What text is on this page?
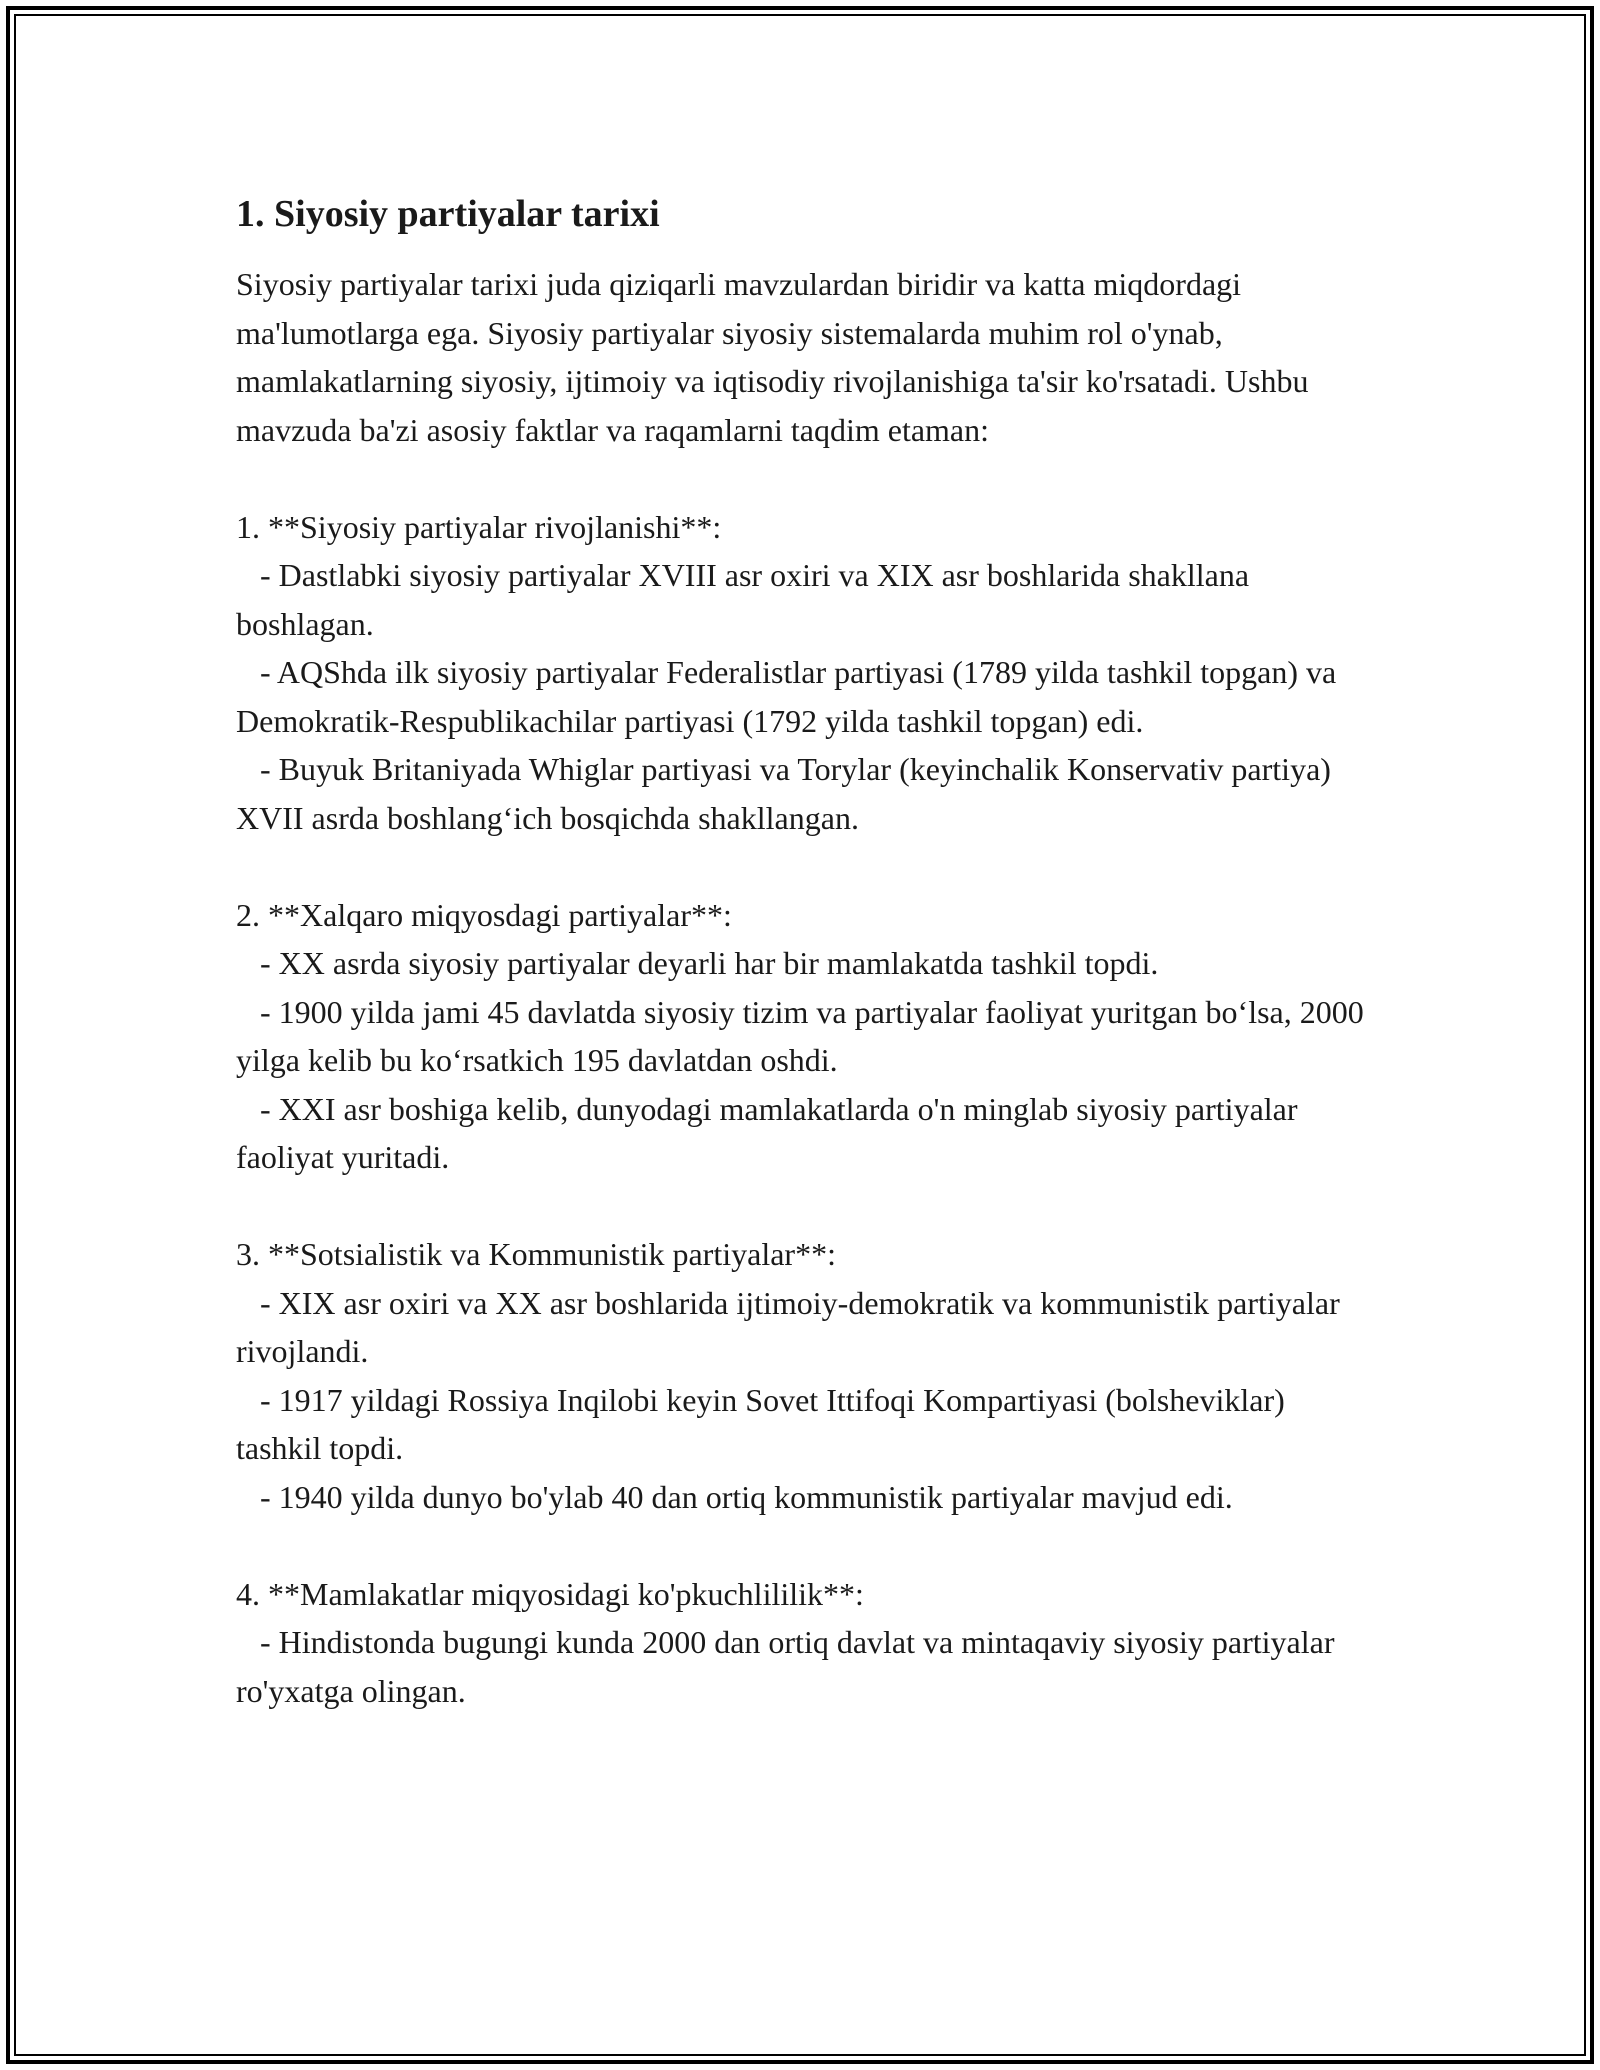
1. Siyosiy partiyalar tarixi

Siyosiy partiyalar tarixi juda qiziqarli mavzulardan biridir va katta miqdordagi ma'lumotlarga ega. Siyosiy partiyalar siyosiy sistemalarda muhim rol o'ynab, mamlakatlarning siyosiy, ijtimoiy va iqtisodiy rivojlanishiga ta'sir ko'rsatadi. Ushbu mavzuda ba'zi asosiy faktlar va raqamlarni taqdim etaman:

1. **Siyosiy partiyalar rivojlanishi**:
- Dastlabki siyosiy partiyalar XVIII asr oxiri va XIX asr boshlarida shakllana boshlagan.
- AQShda ilk siyosiy partiyalar Federalistlar partiyasi (1789 yilda tashkil topgan) va Demokratik-Respublikachilar partiyasi (1792 yilda tashkil topgan) edi.
- Buyuk Britaniyada Whiglar partiyasi va Torylar (keyinchalik Konservativ partiya) XVII asrda boshlang‘ich bosqichda shakllangan.
2. **Xalqaro miqyosdagi partiyalar**:
- XX asrda siyosiy partiyalar deyarli har bir mamlakatda tashkil topdi.
- 1900 yilda jami 45 davlatda siyosiy tizim va partiyalar faoliyat yuritgan bo‘lsa, 2000 yilga kelib bu ko‘rsatkich 195 davlatdan oshdi.
- XXI asr boshiga kelib, dunyodagi mamlakatlarda o'n minglab siyosiy partiyalar faoliyat yuritadi.
3. **Sotsialistik va Kommunistik partiyalar**:
- XIX asr oxiri va XX asr boshlarida ijtimoiy-demokratik va kommunistik partiyalar rivojlandi.
- 1917 yildagi Rossiya Inqilobi keyin Sovet Ittifoqi Kompartiyasi (bolsheviklar) tashkil topdi.
- 1940 yilda dunyo bo'ylab 40 dan ortiq kommunistik partiyalar mavjud edi.
4. **Mamlakatlar miqyosidagi ko'pkuchlililik**:
- Hindistonda bugungi kunda 2000 dan ortiq davlat va mintaqaviy siyosiy partiyalar ro'yxatga olingan.
